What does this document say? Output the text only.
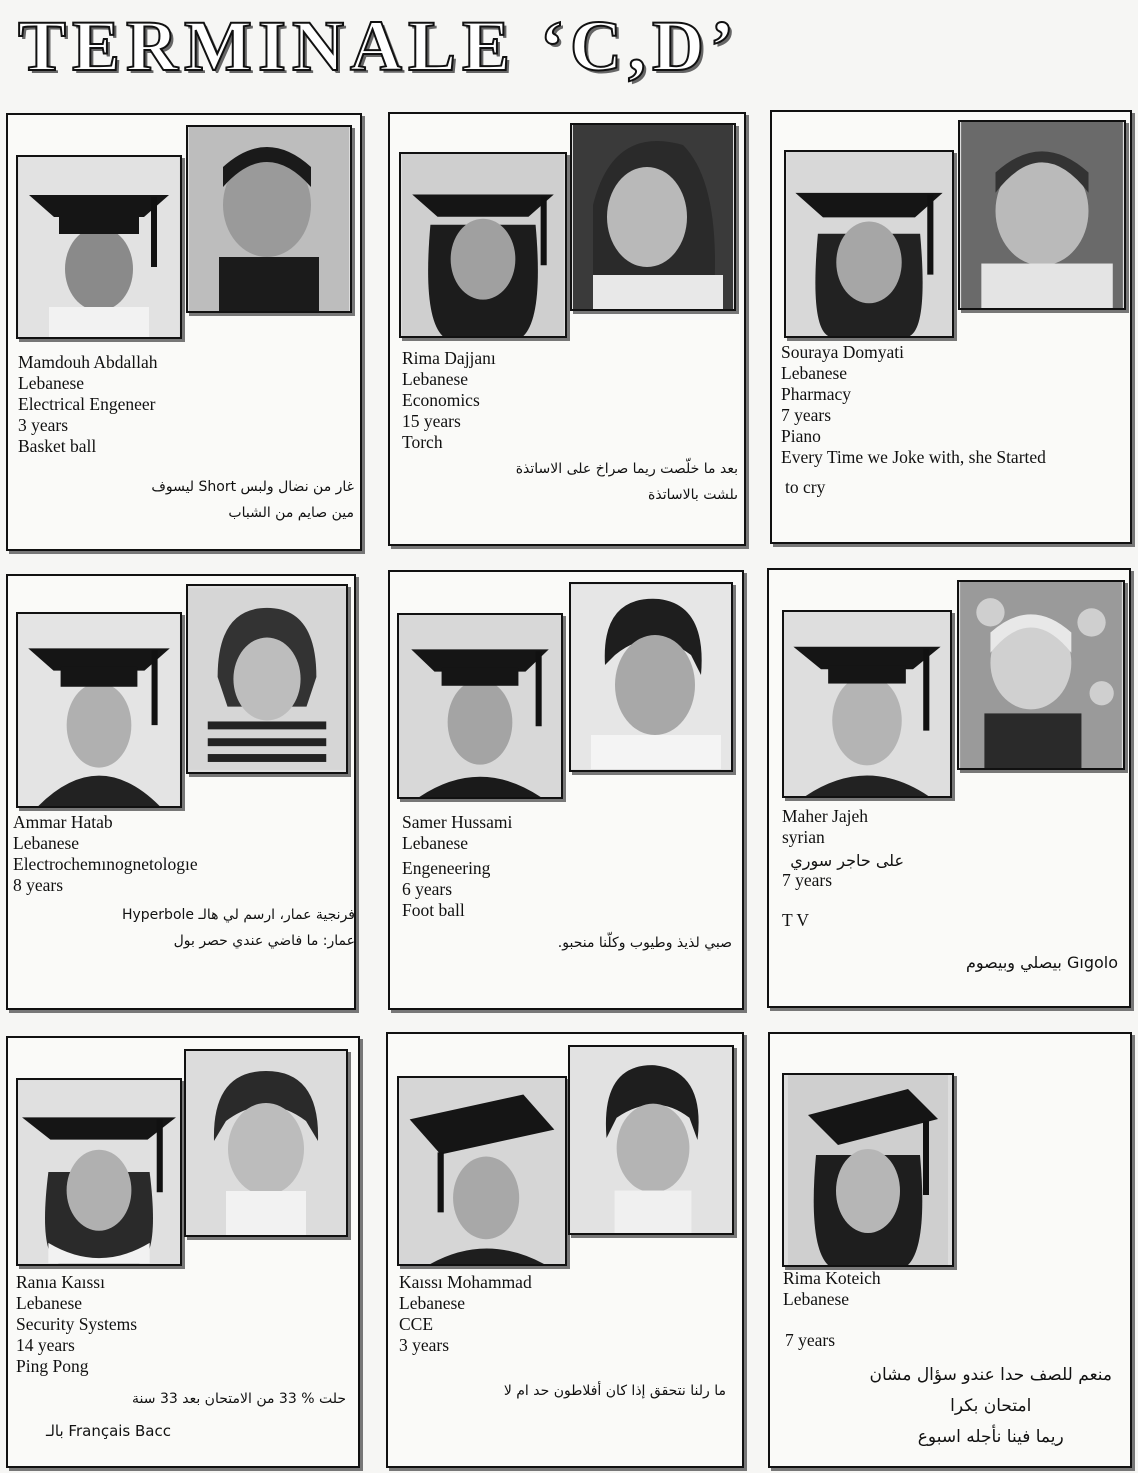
TERMINALE ‘C,D’
Mamdouh Abdallah
Lebanese
Electrical Engeneer
3 years
Basket ball
غار من نضال ولبس Short ليسوف
مين صايم من الشباب
Rima Dajjanı
Lebanese
Economics
15 years
Torch
بعد ما خلّصت ريما صراخ على الاساتذة
ىلشت بالاساتذة
Souraya Domyati
Lebanese
Pharmacy
7 years
Piano
Every Time we Joke with, she Started
to cry
Ammar Hatab
Lebanese
Electrochemınognetologıe
8 years
فرنجية عمار، ارسم لي هالـ Hyperbole
عمار: ما فاضي عندي حصر بول
Samer Hussami
Lebanese
Engeneering
6 years
Foot ball
صبي لذيذ وطيوب وكلّنا منحبو.
Maher Jajeh
syrian
على حاجر سوري
7 years
T V
Gıgolo بيصلي وبيصوم
Ranıa Kaıssı
Lebanese
Security Systems
14 years
Ping Pong
حلت % 33 من الامتحان بعد 33 سنة
Français Bacc بالـ
Kaıssı Mohammad
Lebanese
CCE
3 years
ما رلنا نتحقق إذا كان أفلاطون حد ام لا
Rima Koteich
Lebanese
7 years
منعم للصف حدا عندو سؤال مشان
امتحان بكرا
ريما فينا نأجله اسبوع
